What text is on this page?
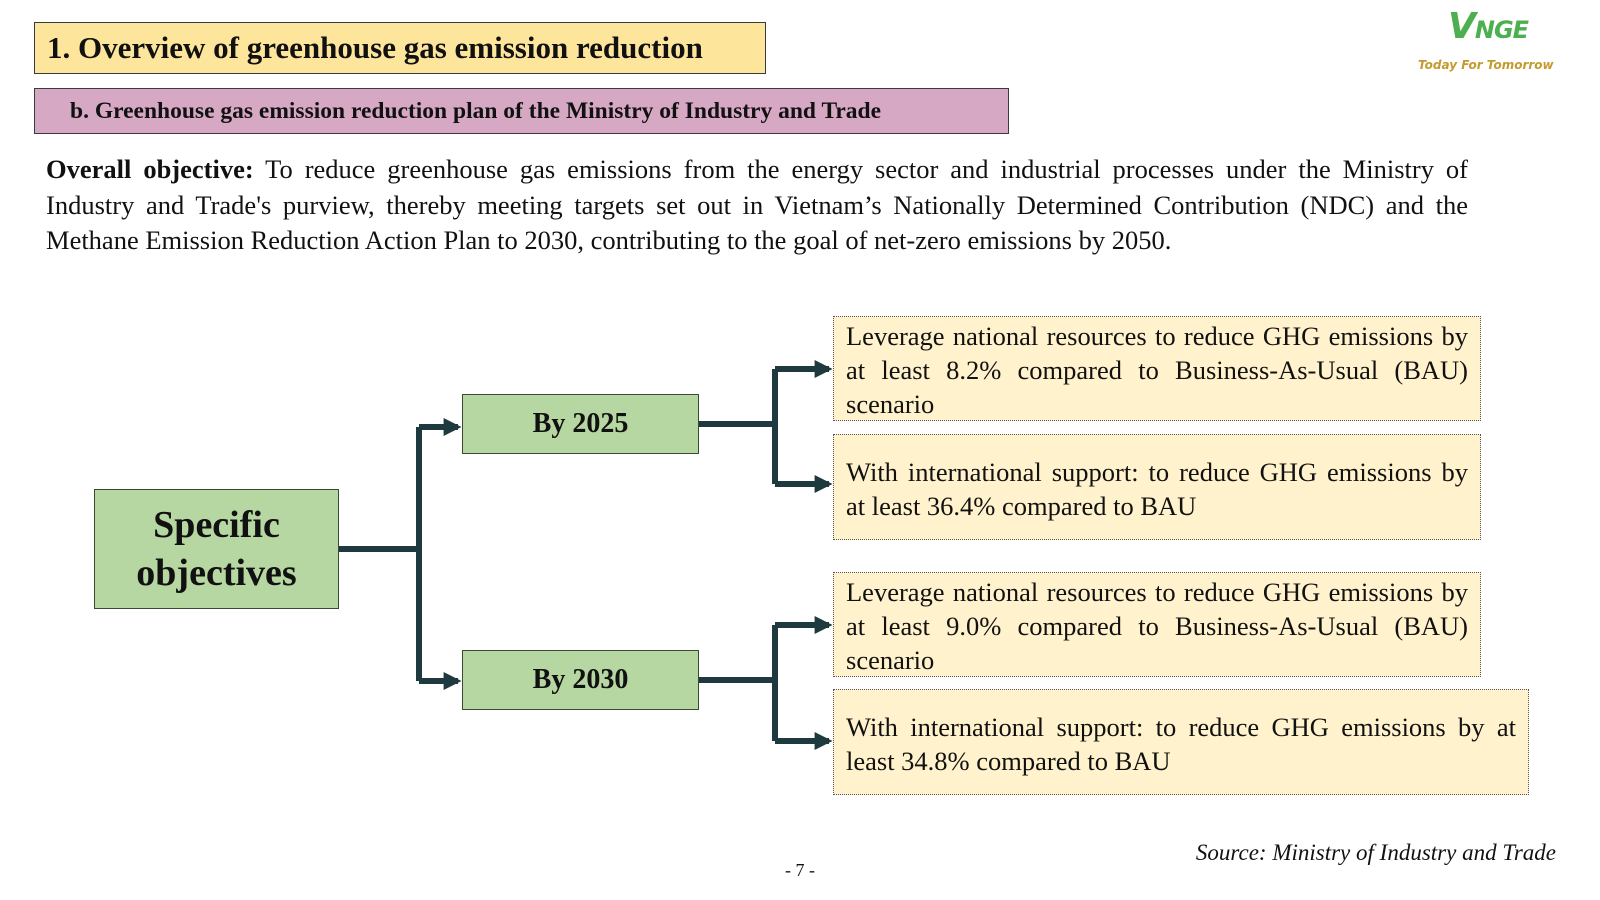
1. Overview of greenhouse gas emission reduction
b. Greenhouse gas emission reduction plan of the Ministry of Industry and Trade
VNGE
Today For Tomorrow
Overall objective: To reduce greenhouse gas emissions from the energy sector and industrial processes under the Ministry of Industry and Trade's purview, thereby meeting targets set out in Vietnam’s Nationally Determined Contribution (NDC) and the Methane Emission Reduction Action Plan to 2030, contributing to the goal of net-zero emissions by 2050.
Specific objectives
By 2025
By 2030
Leverage national resources to reduce GHG emissions by at least 8.2% compared to Business-As-Usual (BAU) scenario
With international support: to reduce GHG emissions by at least 36.4% compared to BAU
Leverage national resources to reduce GHG emissions by at least 9.0% compared to Business-As-Usual (BAU) scenario
With international support: to reduce GHG emissions by at least 34.8% compared to BAU
Source: Ministry of Industry and Trade
- 7 -
